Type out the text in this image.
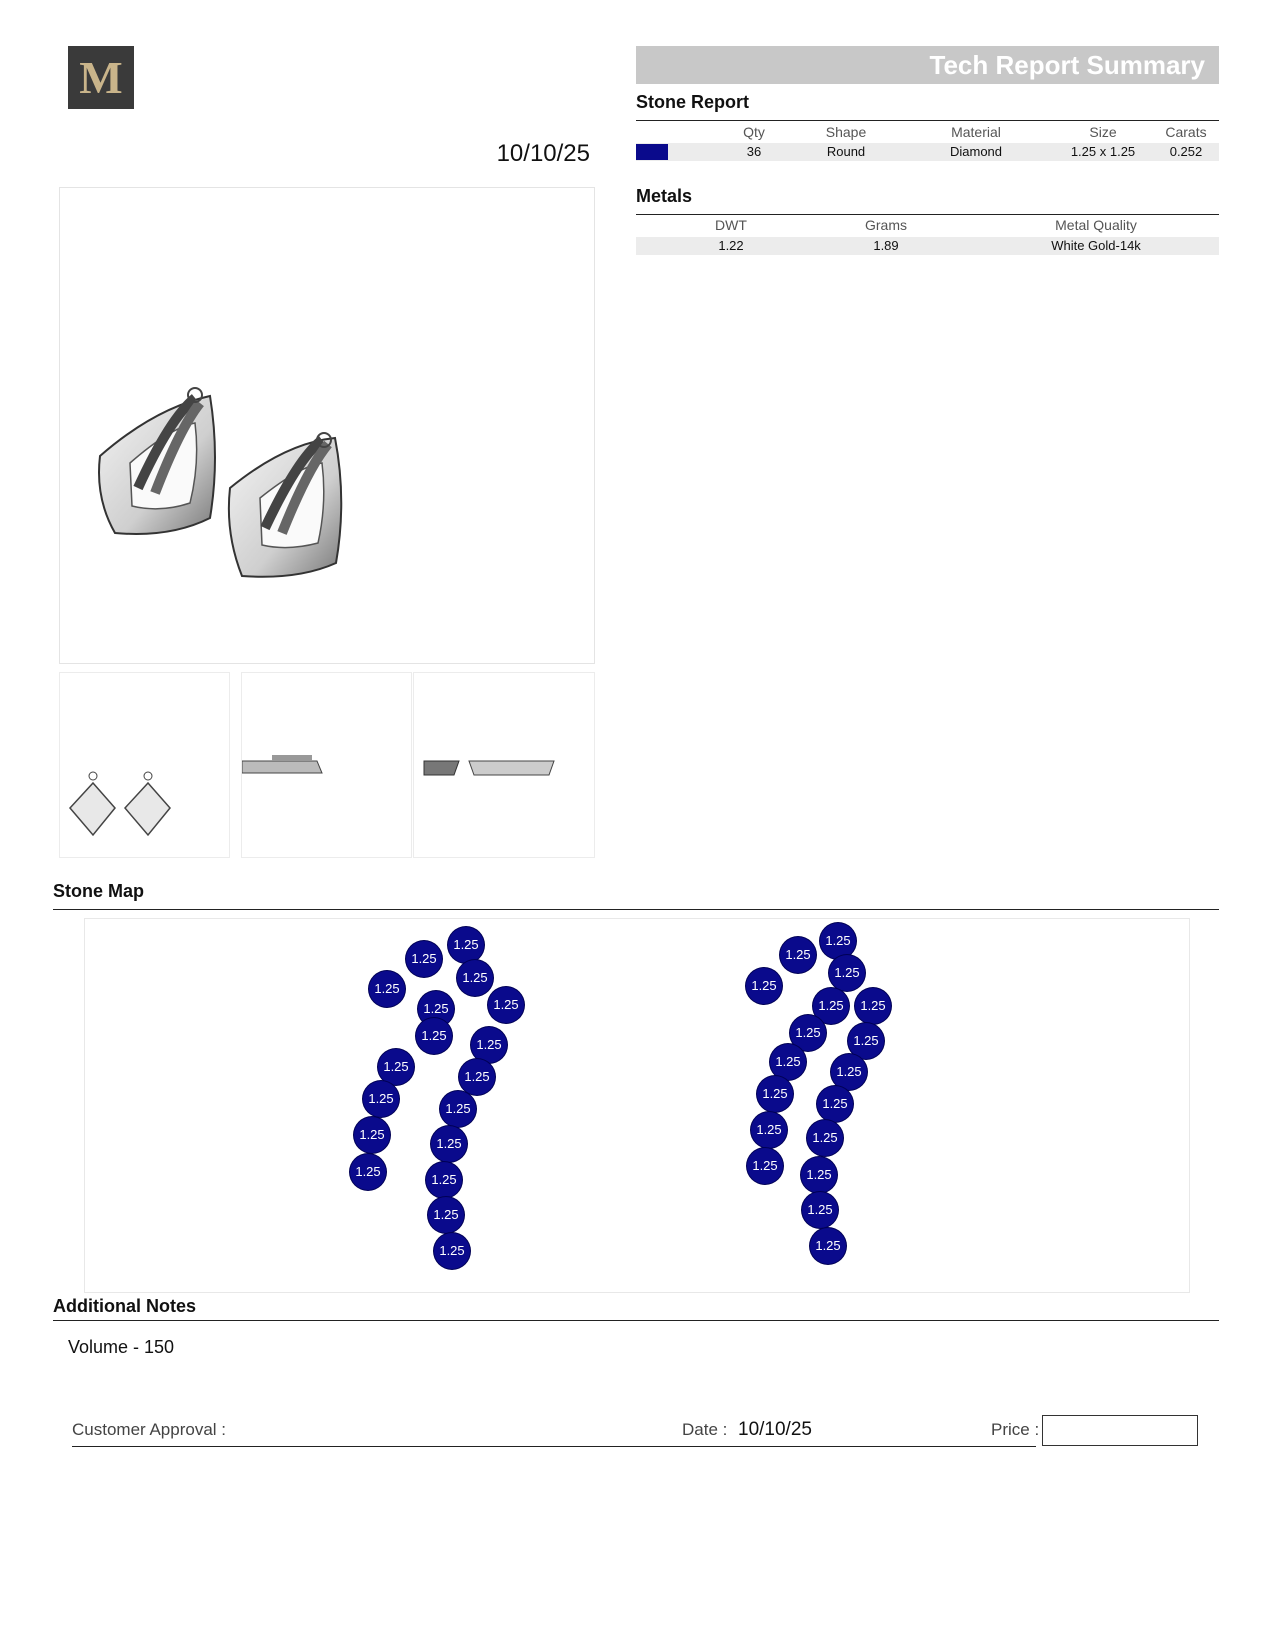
M
10/10/25
Tech Report Summary
Stone Report
Qty	Shape	Material	Size	Carats
36	Round	Diamond	1.25 x 1.25	0.252
Metals
DWT	Grams	Metal Quality
1.22	1.89	White Gold-14k
Stone Map
1.25
1.25
1.25
1.25
1.25	1.25
1.25
1.25
1.25
1.25
1.25
1.25
1.25
1.25
1.25
1.25
1.25
1.25
1.25
1.25
1.25
1.25
1.25	1.25
1.25
1.25
1.25
1.25
1.25
1.25
1.25
1.25
1.25
1.25
1.25
1.25
Additional Notes
Volume - 150
Customer Approval :	Date : 10/10/25	Price :
